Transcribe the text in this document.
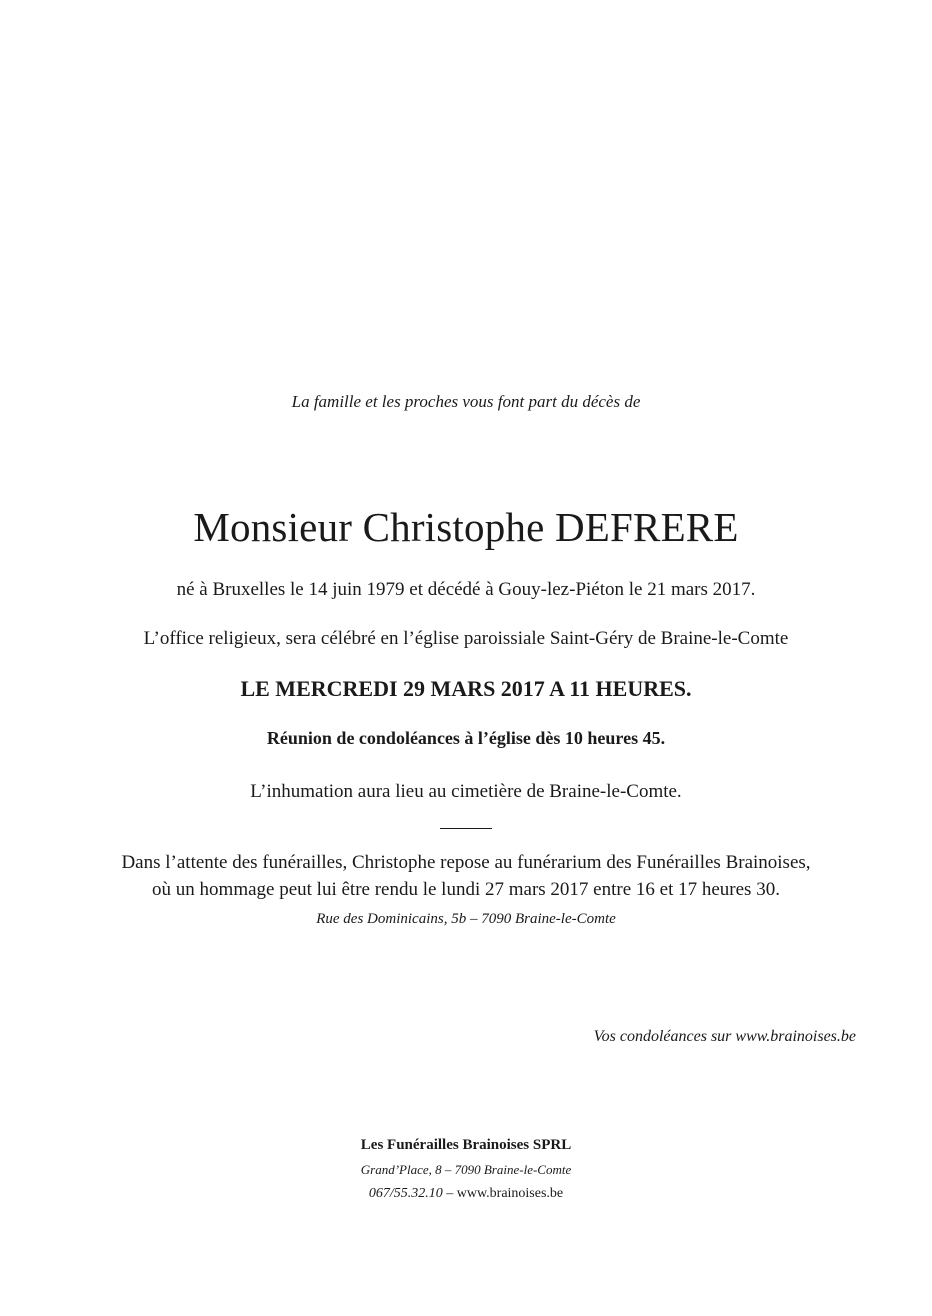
La famille et les proches vous font part du décès de
Monsieur Christophe DEFRERE
né à Bruxelles le 14 juin 1979 et décédé à Gouy-lez-Piéton le 21 mars 2017.
L’office religieux, sera célébré en l’église paroissiale Saint-Géry de Braine-le-Comte
LE MERCREDI 29 MARS 2017 A 11 HEURES.
Réunion de condoléances à l’église dès 10 heures 45.
L’inhumation aura lieu au cimetière de Braine-le-Comte.
Dans l’attente des funérailles, Christophe repose au funérarium des Funérailles Brainoises,
où un hommage peut lui être rendu le lundi 27 mars 2017 entre 16 et 17 heures 30.
Rue des Dominicains, 5b – 7090 Braine-le-Comte
Vos condoléances sur www.brainoises.be
Les Funérailles Brainoises SPRL
Grand’Place, 8 – 7090 Braine-le-Comte
067/55.32.10 – www.brainoises.be
